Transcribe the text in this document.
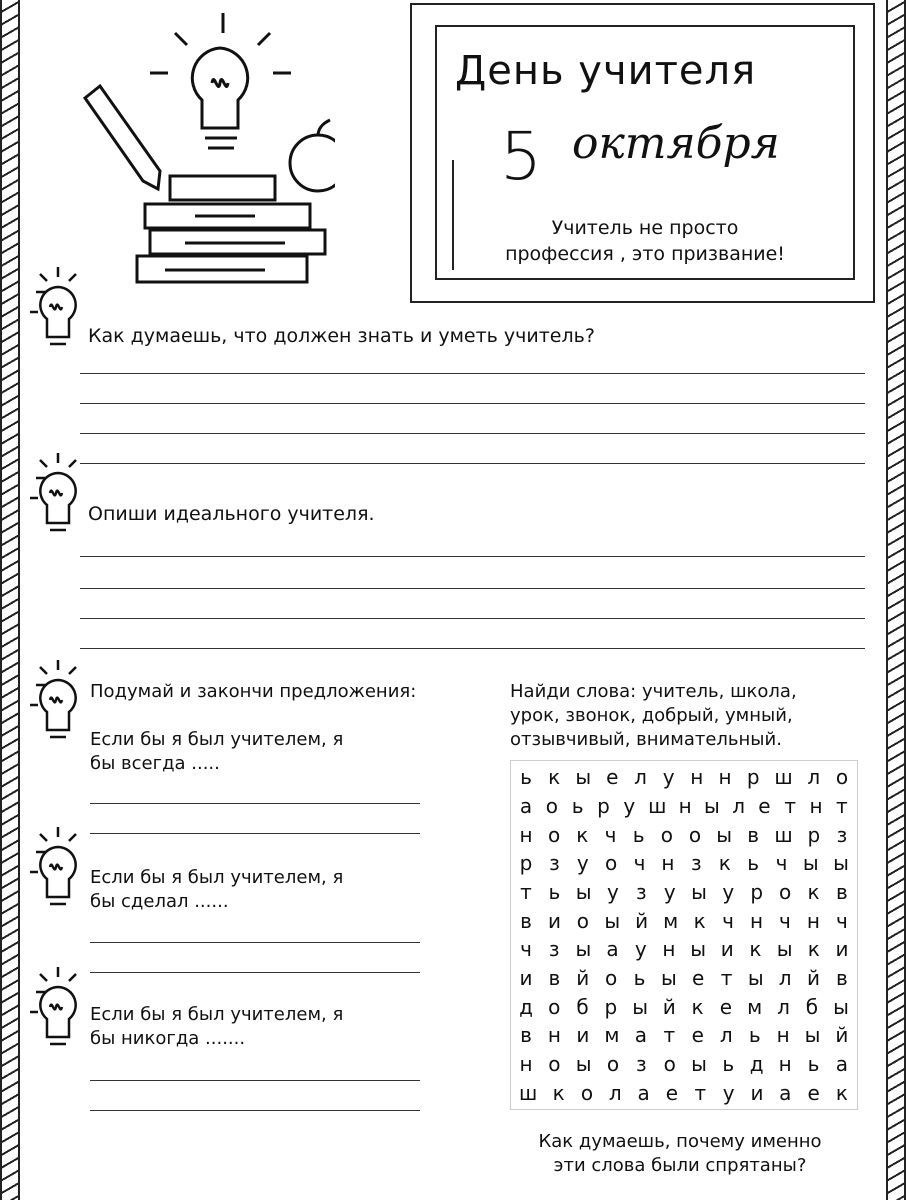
День учителя
5 октября
Учитель не просто
профессия , это призвание!
Как думаешь, что должен знать и уметь учитель?
Опиши идеального учителя.
Подумай и закончи предложения:
Если бы я был учителем, я
бы всегда .....
Если бы я был учителем, я
бы сделал ......
Если бы я был учителем, я
бы никогда .......
Найди слова: учитель, школа,
урок, звонок, добрый, умный,
отзывчивый, внимательный.
ь к ы е л у н н р ш л о
а о ь р у ш н ы л е т н т
н о к ч ь о o ы в ш р з
р з у о ч н з к ь ч ы ы
т ь ы у з у ы у р о к в
в и о ы й м к ч н ч н ч
ч з ы а у н ы и к ы к и
и в й о ь ы е т ы л й в
д о б р ы й к е м л б ы
в н и м а т е л ь н ы й
н о ы о з о ы ь д н ь а
ш к о л а е т у и а е к
Как думаешь, почему именно
эти слова были спрятаны?
